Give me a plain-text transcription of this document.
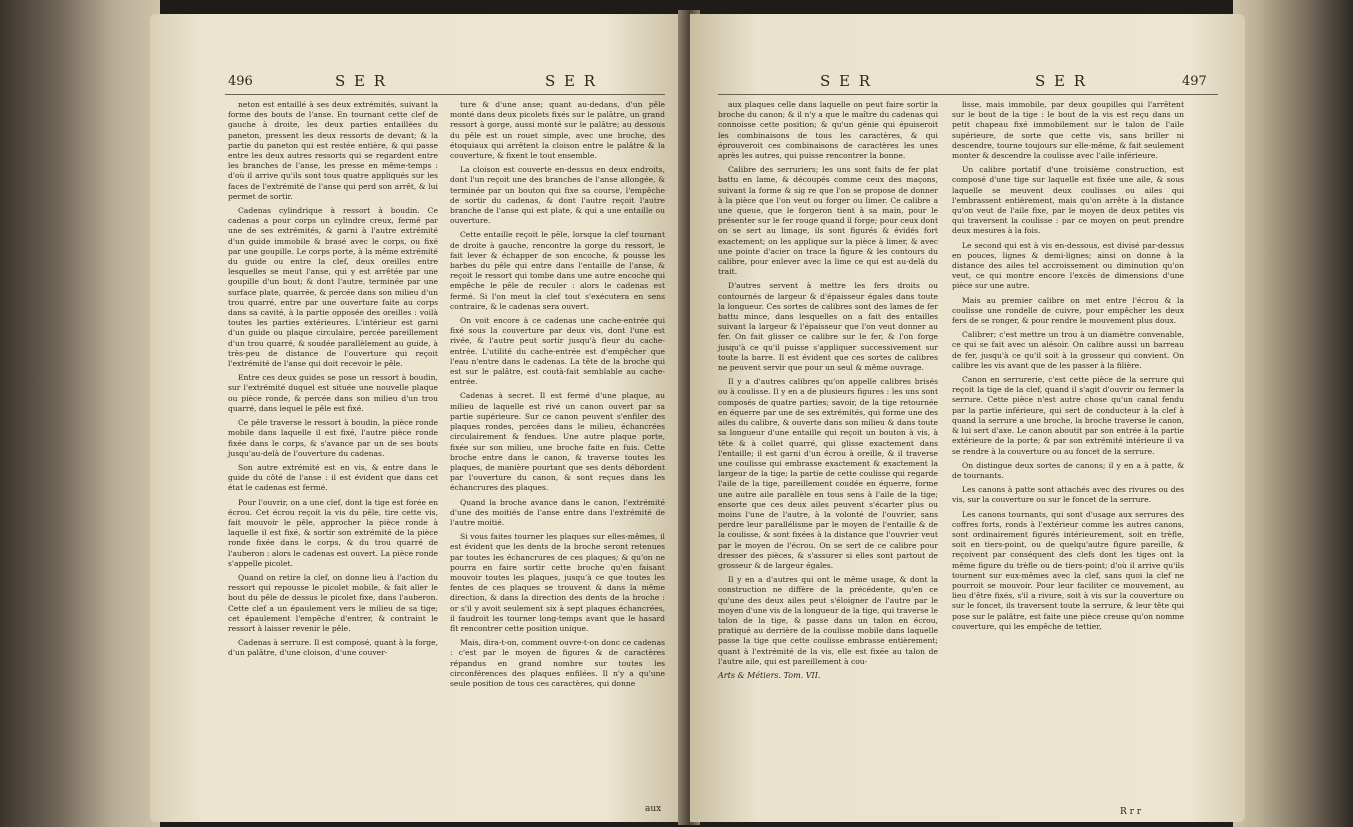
496	S E R	S E R

neton est entaillé à ses deux extrémités, suivant la forme des bouts de l'anse. En tournant cette clef de gauche à droite, les deux parties entaillées du paneton, pressent les deux ressorts de devant; & la partie du paneton qui est restée entière, & qui passe entre les deux autres ressorts qui se regardent entre les branches de l'anse, les presse en même-temps : d'où il arrive qu'ils sont tous quatre appliqués sur les faces de l'extrémité de l'anse qui perd son arrêt, & lui permet de sortir.

Cadenas cylindrique à ressort à boudin. Ce cadenas a pour corps un cylindre creux, fermé par une de ses extrémités, & garni à l'autre extrémité d'un guide immobile & brasé avec le corps, ou fixé par une goupille. Le corps porte, à la même extrémité du guide ou entre la clef, deux oreilles entre lesquelles se meut l'anse, qui y est arrêtée par une goupille d'un bout; & dont l'autre, terminée par une surface plate, quarrée, & percée dans son milieu d'un trou quarré, entre par une ouverture faite au corps dans sa cavité, à la partie opposée des oreilles : voilà toutes les parties extérieures. L'intérieur est garni d'un guide ou plaque circulaire, percée pareillement d'un trou quarré, & soudée parallèlement au guide, à très-peu de distance de l'ouverture qui reçoit l'extrémité de l'anse qui doit recevoir le pêle.

Entre ces deux guides se pose un ressort à boudin, sur l'extrémité duquel est située une nouvelle plaque ou pièce ronde, & percée dans son milieu d'un trou quarré, dans lequel le pêle est fixé.

Ce pêle traverse le ressort à boudin, la pièce ronde mobile dans laquelle il est fixé, l'autre pièce ronde fixée dans le corps, & s'avance par un de ses bouts jusqu'au-delà de l'ouverture du cadenas.

Son autre extrémité est en vis, & entre dans le guide du côté de l'anse : il est évident que dans cet état le cadenas est fermé.

Pour l'ouvrir, on a une clef, dont la tige est forée en écrou. Cet écrou reçoit la vis du pêle, tire cette vis, fait mouvoir le pêle, approcher la pièce ronde à laquelle il est fixé, & sortir son extrémité de la pièce ronde fixée dans le corps, & du trou quarré de l'auberon : alors le cadenas est ouvert. La pièce ronde s'appelle picolet.

Quand on retire la clef, on donne lieu à l'action du ressort qui repousse le picolet mobile, & fait aller le bout du pêle de dessus le picolet fixe, dans l'auberon. Cette clef a un épaulement vers le milieu de sa tige; cet épaulement l'empêche d'entrer, & contraint le ressort à laisser revenir le pêle.

Cadenas à serrure. Il est composé, quant à la forge, d'un palâtre, d'une cloison, d'une couver-

ture & d'une anse; quant au-dedans, d'un pêle monté dans deux picolets fixés sur le palâtre, un grand ressort à gorge, aussi monté sur le palâtre; au dessous du pêle est un rouet simple, avec une broche, des étoquiaux qui arrêtent la cloison entre le palâtre & la couverture, & fixent le tout ensemble.

La cloison est couverte en-dessus en deux endroits, dont l'un reçoit une des branches de l'anse allongée, & terminée par un bouton qui fixe sa course, l'empêche de sortir du cadenas, & dont l'autre reçoit l'autre branche de l'anse qui est plate, & qui a une entaille ou ouverture.

Cette entaille reçoit le pêle, lorsque la clef tournant de droite à gauche, rencontre la gorge du ressort, le fait lever & échapper de son encoche, & pousse les barbes du pêle qui entre dans l'entaille de l'anse, & reçoit le ressort qui tombe dans une autre encoche qui empêche le pêle de reculer : alors le cadenas est fermé. Si l'on meut la clef tout s'exécutera en sens contraire, & le cadenas sera ouvert.

On voit encore à ce cadenas une cache-entrée qui fixé sous la couverture par deux vis, dont l'une est rivée, & l'autre peut sortir jusqu'à fleur du cache-entrée. L'utilité du cache-entrée est d'empêcher que l'eau n'entre dans le cadenas. La tête de la broche qui est sur le palâtre, est coutà-fait semblable au cache-entrée.

Cadenas à secret. Il est fermé d'une plaque, au milieu de laquelle est rivé un canon ouvert par sa partie supérieure. Sur ce canon peuvent s'enfiler des plaques rondes, percées dans le milieu, échancrées circulairement & fendues. Une autre plaque porte, fixée sur son milieu, une broche faite en fuis. Cette broche entre dans le canon, & traverse toutes les plaques, de manière pourtant que ses dents débordent par l'ouverture du canon, & sont reçues dans les échancrures des plaques.

Quand la broche avance dans le canon, l'extrémité d'une des moitiés de l'anse entre dans l'extrémité de l'autre moitié.

Si vous faites tourner les plaques sur elles-mêmes, il est évident que les dents de la broche seront retenues par toutes les échancrures de ces plaques; & qu'on ne pourra en faire sortir cette broche qu'en faisant mouvoir toutes les plaques, jusqu'à ce que toutes les fentes de ces plaques se trouvent & dans la même direction, & dans la direction des dents de la broche : or s'il y avoit seulement six à sept plaques échancrées, il faudroit les tourner long-temps avant que le hasard fît rencontrer cette position unique.

Mais, dira-t-on, comment ouvre-t-on donc ce cadenas : c'est par le moyen de figures & de caractères répandus en grand nombre sur toutes les circonférences des plaques enfilées. Il n'y a qu'une seule position de tous ces caractères, qui donne

aux
S E R	S E R	497

aux plaques celle dans laquelle on peut faire sortir la broche du canon; & il n'y a que le maître du cadenas qui connoisse cette position; & qu'un génie qui épuiseroit les combinaisons de tous les caractères, & qui éprouveroit ces combinaisons de caractères les unes après les autres, qui puisse rencontrer la bonne.

Calibre des serruriers; les uns sont faits de fer plat battu en lame, & découpés comme ceux des maçons, suivant la forme & sig re que l'on se propose de donner à la pièce que l'on veut ou forger ou limer. Ce calibre a une queue, que le forgeron tient à sa main, pour le présenter sur le fer rouge quand il forge; pour ceux dont on se sert au limage, ils sont figurés & évidés fort exactement; on les applique sur la pièce à limer, & avec une pointe d'acier on trace la figure & les contours du calibre, pour enlever avec la lime ce qui est au-delà du trait.

D'autres servent à mettre les fers droits ou contournés de largeur & d'épaisseur égales dans toute la longueur. Ces sortes de calibres sont des lames de fer battu mince, dans lesquelles on a fait des entailles suivant la largeur & l'épaisseur que l'on veut donner au fer. On fait glisser ce calibre sur le fer, & l'on forge jusqu'à ce qu'il puisse s'appliquer successivement sur toute la barre. Il est évident que ces sortes de calibres ne peuvent servir que pour un seul & même ouvrage.

Il y a d'autres calibres qu'on appelle calibres brisés ou à coulisse. Il y en a de plusieurs figures : les uns sont composés de quatre parties; savoir, de la tige retournée en équerre par une de ses extrémités, qui forme une des ailes du calibre, & ouverte dans son milieu & dans toute sa longueur d'une entaille qui reçoit un bouton à vis, à tête & à collet quarré, qui glisse exactement dans l'entaille; il est garni d'un écrou à oreille, & il traverse une coulisse qui embrasse exactement & exactement la largeur de la tige; la partie de cette coulisse qui regarde l'aile de la tige, pareillement coudée en équerre, forme une autre aile parallèle en tous sens à l'aile de la tige; ensorte que ces deux ailes peuvent s'écarter plus ou moins l'une de l'autre, à la volonté de l'ouvrier, sans perdre leur parallélisme par le moyen de l'entaille & de la coulisse, & sont fixées à la distance que l'ouvrier veut par le moyen de l'écrou. On se sert de ce calibre pour dresser des pièces, & s'assurer si elles sont partout de grosseur & de largeur égales.

Il y en a d'autres qui ont le même usage, & dont la construction ne diffère de la précédente, qu'en ce qu'une des deux ailes peut s'éloigner de l'autre par le moyen d'une vis de la longueur de la tige, qui traverse le talon de la tige, & passe dans un talon en écrou, pratiqué au derrière de la coulisse mobile dans laquelle passe la tige que cette coulisse embrasse entièrement; quant à l'extrémité de la vis, elle est fixée au talon de l'autre aile, qui est pareillement à cou-

Arts & Métiers. Tom. VII.

lisse, mais immobile, par deux goupilles qui l'arrêtent sur le bout de la tige : le bout de la vis est reçu dans un petit chapeau fixé immobilement sur le talon de l'aile supérieure, de sorte que cette vis, sans briller ni descendre, tourne toujours sur elle-même, & fait seulement monter & descendre la coulisse avec l'aile inférieure.

Un calibre portatif d'une troisième construction, est composé d'une tige sur laquelle est fixée une aile, & sous laquelle se meuvent deux coulisses ou ailes qui l'embrassent entièrement, mais qu'on arrête à la distance qu'on veut de l'aile fixe, par le moyen de deux petites vis qui traversent la coulisse : par ce moyen on peut prendre deux mesures à la fois.

Le second qui est à vis en-dessous, est divisé par-dessus en pouces, lignes & demi-lignes; ainsi on donne à la distance des ailes tel accroissement ou diminution qu'on veut, ce qui montre encore l'excès de dimensions d'une pièce sur une autre.

Mais au premier calibre on met entre l'écrou & la coulisse une rondelle de cuivre, pour empêcher les deux fers de se ronger, & pour rendre le mouvement plus doux.

Calibrer; c'est mettre un trou à un diamètre convenable, ce qui se fait avec un alésoir. On calibre aussi un barreau de fer, jusqu'à ce qu'il soit à la grosseur qui convient. On calibre les vis avant que de les passer à la filière.

Canon en serrurerie, c'est cette pièce de la serrure qui reçoit la tige de la clef, quand il s'agit d'ouvrir ou fermer la serrure. Cette pièce n'est autre chose qu'un canal fendu par la partie inférieure, qui sert de conducteur à la clef à quand la serrure a une broche, la broche traverse le canon, & lui sert d'axe. Le canon aboutit par son entrée à la partie extérieure de la porte; & par son extrémité intérieure il va se rendre à la couverture ou au foncet de la serrure.

On distingue deux sortes de canons; il y en a à patte, & de tournants.

Les canons à patte sont attachés avec des rivures ou des vis, sur la couverture ou sur le foncet de la serrure.

Les canons tournants, qui sont d'usage aux serrures des coffres forts, ronds à l'extérieur comme les autres canons, sont ordinairement figurés intérieurement, soit en trèfle, soit en tiers-point, ou de quelqu'autre figure pareille, & reçoivent par conséquent des clefs dont les tiges ont la même figure du trèfle ou de tiers-point; d'où il arrive qu'ils tournent sur eux-mêmes avec la clef, sans quoi la clef ne pourroit se mouvoir. Pour leur faciliter ce mouvement, au lieu d'être fixés, s'il a rivure, soit à vis sur la couverture ou sur le foncet, ils traversent toute la serrure, & leur tête qui pose sur le palâtre, est faite une pièce creuse qu'on nomme couverture, qui les empêche de tettier,

R r r
